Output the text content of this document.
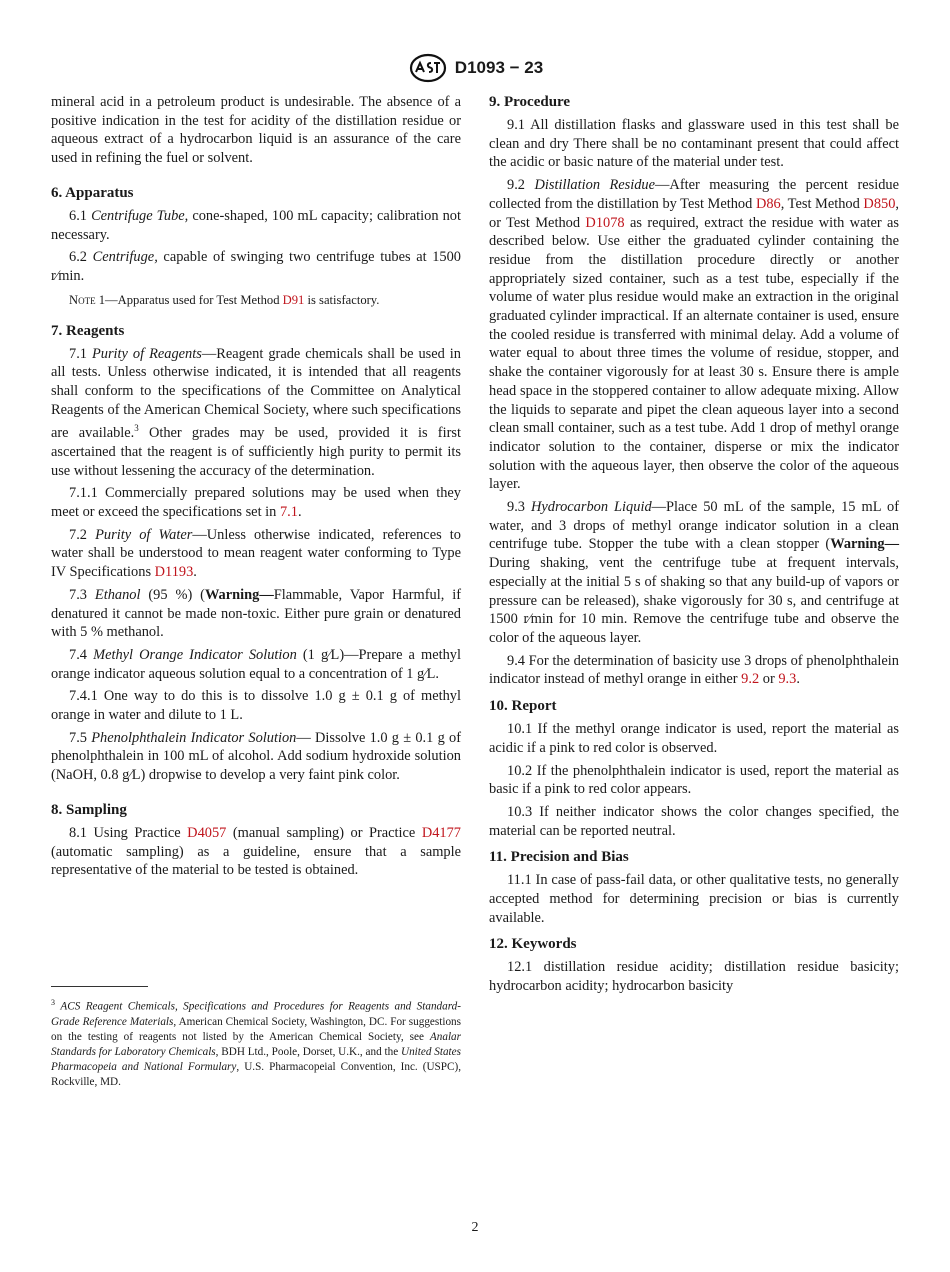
D1093 − 23

mineral acid in a petroleum product is undesirable. The absence of a positive indication in the test for acidity of the distillation residue or aqueous extract of a hydrocarbon liquid is an assurance of the care used in refining the fuel or solvent.

6. Apparatus

6.1 Centrifuge Tube, cone-shaped, 100 mL capacity; calibration not necessary.

6.2 Centrifuge, capable of swinging two centrifuge tubes at 1500 r⁄min.

Note 1—Apparatus used for Test Method D91 is satisfactory.
7. Reagents

7.1 Purity of Reagents—Reagent grade chemicals shall be used in all tests. Unless otherwise indicated, it is intended that all reagents shall conform to the specifications of the Committee on Analytical Reagents of the American Chemical Society, where such specifications are available.$^3$ Other grades may be used, provided it is first ascertained that the reagent is of sufficiently high purity to permit its use without lessening the accuracy of the determination.

7.1.1 Commercially prepared solutions may be used when they meet or exceed the specifications set in 7.1.

7.2 Purity of Water—Unless otherwise indicated, references to water shall be understood to mean reagent water conforming to Type IV Specifications D1193.

7.3 Ethanol (95 %) (Warning—Flammable, Vapor Harmful, if denatured it cannot be made non-toxic. Either pure grain or denatured with 5 % methanol.

7.4 Methyl Orange Indicator Solution (1 g⁄L)—Prepare a methyl orange indicator aqueous solution equal to a concentration of 1 g⁄L.

7.4.1 One way to do this is to dissolve 1.0 g ± 0.1 g of methyl orange in water and dilute to 1 L.

7.5 Phenolphthalein Indicator Solution— Dissolve 1.0 g ± 0.1 g of phenolphthalein in 100 mL of alcohol. Add sodium hydroxide solution (NaOH, 0.8 g⁄L) dropwise to develop a very faint pink color.

8. Sampling

8.1 Using Practice D4057 (manual sampling) or Practice D4177 (automatic sampling) as a guideline, ensure that a sample representative of the material to be tested is obtained.

$^3$ ACS Reagent Chemicals, Specifications and Procedures for Reagents and Standard-Grade Reference Materials, American Chemical Society, Washington, DC. For suggestions on the testing of reagents not listed by the American Chemical Society, see Analar Standards for Laboratory Chemicals, BDH Ltd., Poole, Dorset, U.K., and the United States Pharmacopeia and National Formulary, U.S. Pharmacopeial Convention, Inc. (USPC), Rockville, MD.
9. Procedure

9.1 All distillation flasks and glassware used in this test shall be clean and dry There shall be no contaminant present that could affect the acidic or basic nature of the material under test.

9.2 Distillation Residue—After measuring the percent residue collected from the distillation by Test Method D86, Test Method D850, or Test Method D1078 as required, extract the residue with water as described below. Use either the graduated cylinder containing the residue from the distillation procedure directly or another appropriately sized container, such as a test tube, especially if the volume of water plus residue would make an extraction in the original graduated cylinder impractical. If an alternate container is used, ensure the cooled residue is transferred with minimal delay. Add a volume of water equal to about three times the volume of residue, stopper, and shake the container vigorously for at least 30 s. Ensure there is ample head space in the stoppered container to allow adequate mixing. Allow the liquids to separate and pipet the clean aqueous layer into a second clean small container, such as a test tube. Add 1 drop of methyl orange indicator solution to the container, disperse or mix the indicator solution with the aqueous layer, then observe the color of the aqueous layer.

9.3 Hydrocarbon Liquid—Place 50 mL of the sample, 15 mL of water, and 3 drops of methyl orange indicator solution in a clean centrifuge tube. Stopper the tube with a clean stopper (Warning—During shaking, vent the centrifuge tube at frequent intervals, especially at the initial 5 s of shaking so that any build-up of vapors or pressure can be released), shake vigorously for 30 s, and centrifuge at 1500 r⁄min for 10 min. Remove the centrifuge tube and observe the color of the aqueous layer.

9.4 For the determination of basicity use 3 drops of phenolphthalein indicator instead of methyl orange in either 9.2 or 9.3.

10. Report

10.1 If the methyl orange indicator is used, report the material as acidic if a pink to red color is observed.

10.2 If the phenolphthalein indicator is used, report the material as basic if a pink to red color appears.

10.3 If neither indicator shows the color changes specified, the material can be reported neutral.

11. Precision and Bias

11.1 In case of pass-fail data, or other qualitative tests, no generally accepted method for determining precision or bias is currently available.

12. Keywords

12.1 distillation residue acidity; distillation residue basicity; hydrocarbon acidity; hydrocarbon basicity

2
